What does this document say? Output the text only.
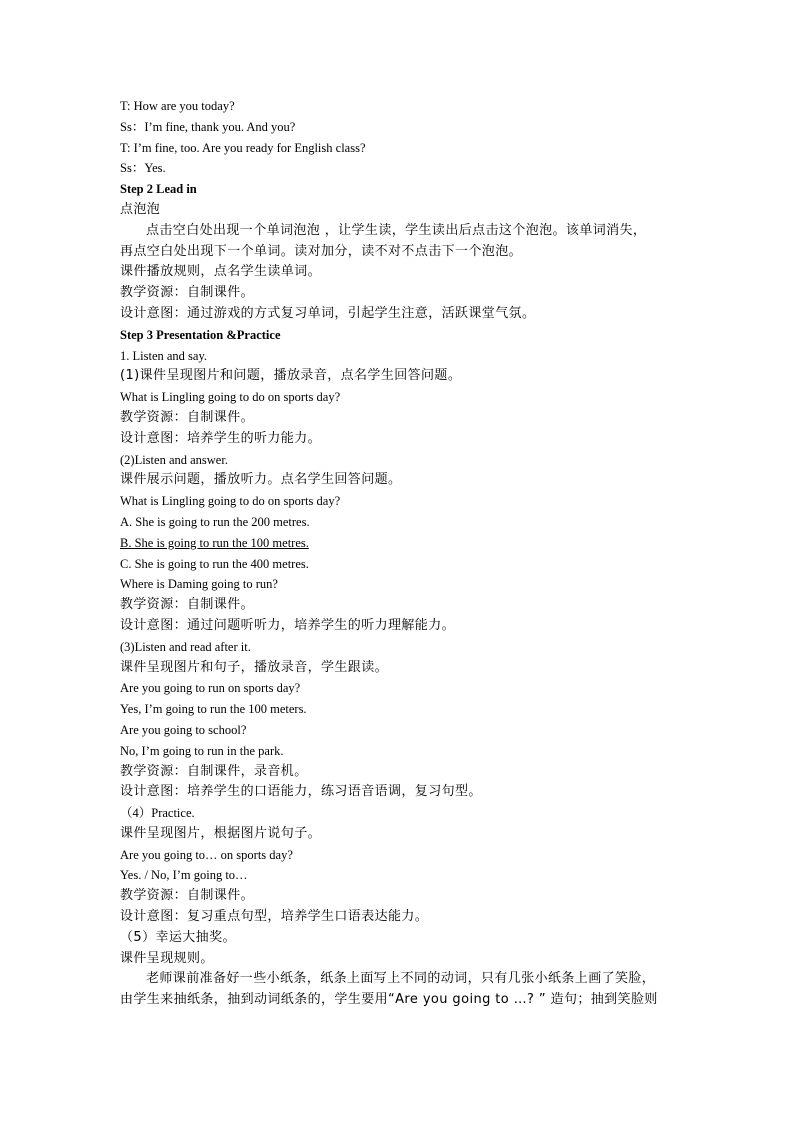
T: How are you today?
Ss：I’m fine, thank you. And you?
T: I’m fine, too. Are you ready for English class?
Ss：Yes.
Step 2 Lead in
点泡泡
点击空白处出现一个单词泡泡 ，让学生读，学生读出后点击这个泡泡。该单词消失，
再点空白处出现下一个单词。读对加分，读不对不点击下一个泡泡。
课件播放规则，点名学生读单词。
教学资源：自制课件。
设计意图：通过游戏的方式复习单词，引起学生注意，活跃课堂气氛。
Step 3 Presentation &Practice
1. Listen and say.
(1)课件呈现图片和问题，播放录音，点名学生回答问题。
What is Lingling going to do on sports day?
教学资源：自制课件。
设计意图：培养学生的听力能力。
(2)Listen and answer.
课件展示问题，播放听力。点名学生回答问题。
What is Lingling going to do on sports day?
A. She is going to run the 200 metres.
B. She is going to run the 100 metres.
C. She is going to run the 400 metres.
Where is Daming going to run?
教学资源：自制课件。
设计意图：通过问题听听力，培养学生的听力理解能力。
(3)Listen and read after it.
课件呈现图片和句子，播放录音，学生跟读。
Are you going to run on sports day?
Yes, I’m going to run the 100 meters.
Are you going to school?
No, I’m going to run in the park.
教学资源：自制课件，录音机。
设计意图：培养学生的口语能力，练习语音语调，复习句型。
（4）Practice.
课件呈现图片，根据图片说句子。
Are you going to… on sports day?
Yes. / No, I’m going to…
教学资源：自制课件。
设计意图：复习重点句型，培养学生口语表达能力。
（5）幸运大抽奖。
课件呈现规则。
老师课前准备好一些小纸条，纸条上面写上不同的动词，只有几张小纸条上画了笑脸，
由学生来抽纸条，抽到动词纸条的，学生要用“Are you going to …? ” 造句；抽到笑脸则
